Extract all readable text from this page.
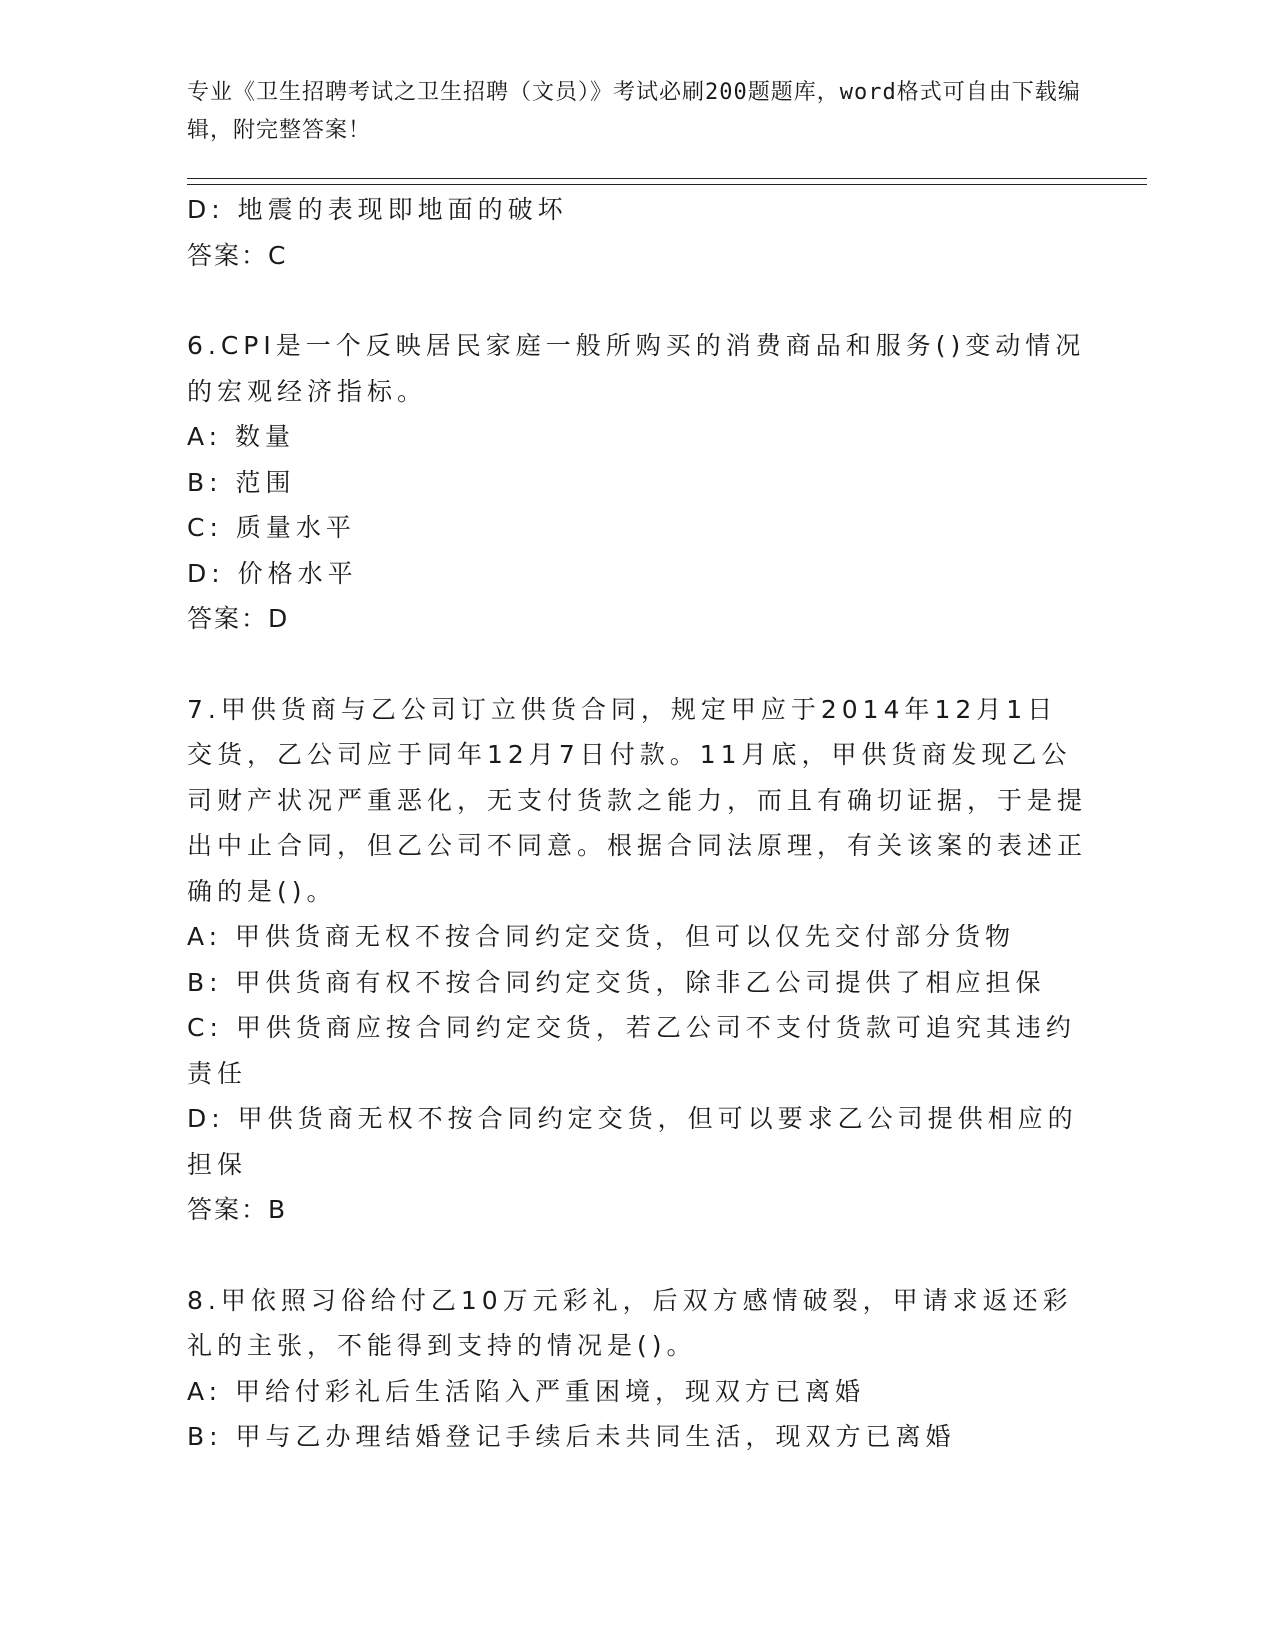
专业《卫生招聘考试之卫生招聘（文员）》考试必刷200题题库，word格式可自由下载编辑，附完整答案！

D: 地震的表现即地面的破坏

答案：C

6.CPI是一个反映居民家庭一般所购买的消费商品和服务()变动情况的宏观经济指标。

A: 数量

B: 范围

C: 质量水平

D: 价格水平

答案：D

7.甲供货商与乙公司订立供货合同，规定甲应于2014年12月1日交货，乙公司应于同年12月7日付款。11月底，甲供货商发现乙公司财产状况严重恶化，无支付货款之能力，而且有确切证据，于是提出中止合同，但乙公司不同意。根据合同法原理，有关该案的表述正确的是()。

A: 甲供货商无权不按合同约定交货，但可以仅先交付部分货物

B: 甲供货商有权不按合同约定交货，除非乙公司提供了相应担保

C: 甲供货商应按合同约定交货，若乙公司不支付货款可追究其违约责任

D: 甲供货商无权不按合同约定交货，但可以要求乙公司提供相应的担保

答案：B

8.甲依照习俗给付乙10万元彩礼，后双方感情破裂，甲请求返还彩礼的主张，不能得到支持的情况是()。

A: 甲给付彩礼后生活陷入严重困境，现双方已离婚

B: 甲与乙办理结婚登记手续后未共同生活，现双方已离婚
